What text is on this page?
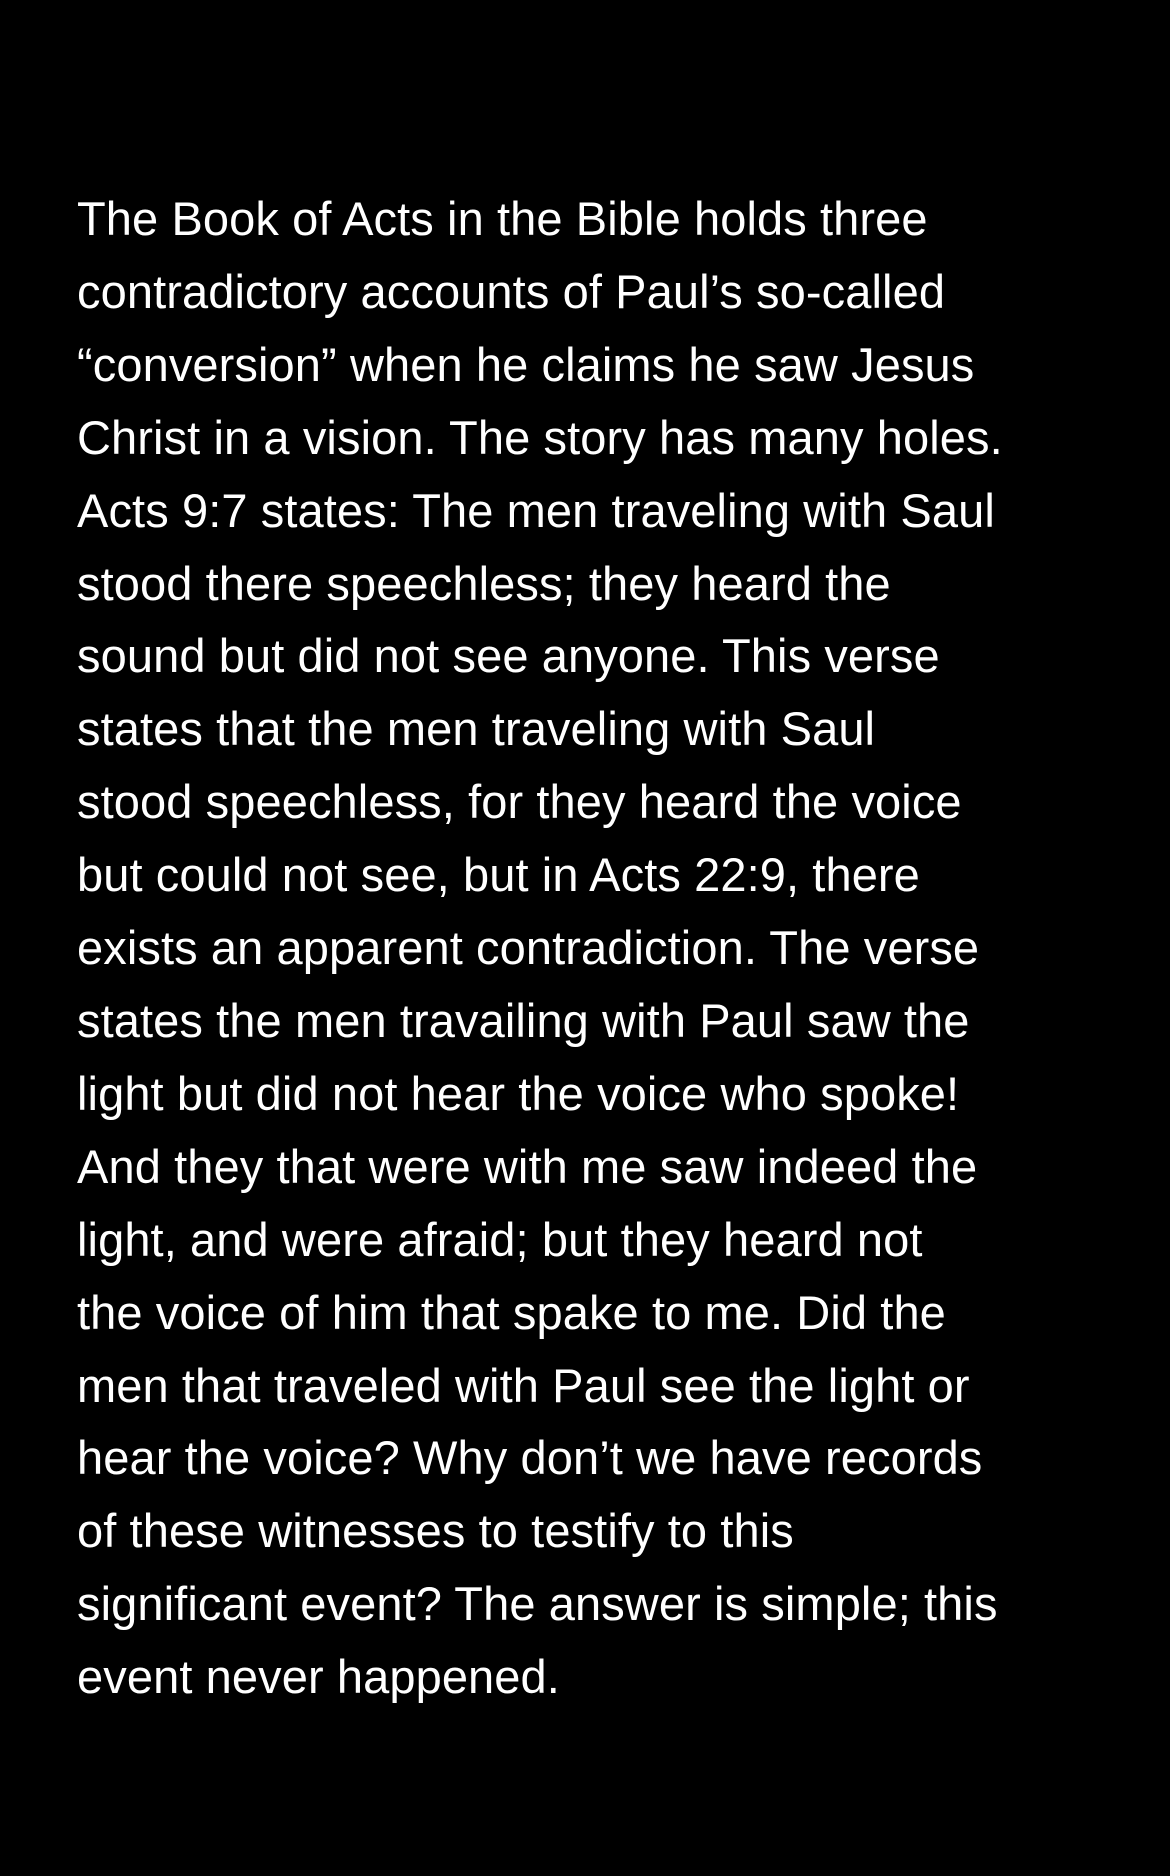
The Book of Acts in the Bible holds three
contradictory accounts of Paul’s so-called
“conversion” when he claims he saw Jesus
Christ in a vision. The story has many holes.
Acts 9:7 states: The men traveling with Saul
stood there speechless; they heard the
sound but did not see anyone. This verse
states that the men traveling with Saul
stood speechless, for they heard the voice
but could not see, but in Acts 22:9, there
exists an apparent contradiction. The verse
states the men travailing with Paul saw the
light but did not hear the voice who spoke!
And they that were with me saw indeed the
light, and were afraid; but they heard not
the voice of him that spake to me. Did the
men that traveled with Paul see the light or
hear the voice? Why don’t we have records
of these witnesses to testify to this
significant event? The answer is simple; this
event never happened.
